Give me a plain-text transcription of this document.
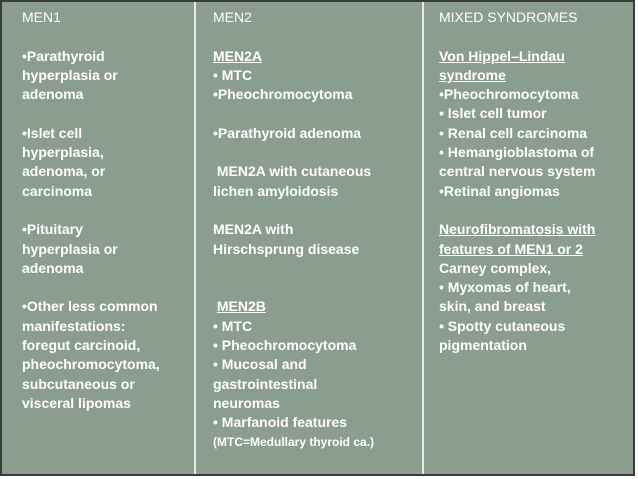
MEN1
•Parathyroid
hyperplasia or
adenoma
•Islet cell
hyperplasia,
adenoma, or
carcinoma
•Pituitary
hyperplasia or
adenoma
•Other less common
manifestations:
foregut carcinoid,
pheochromocytoma,
subcutaneous or
visceral lipomas
MEN2
MEN2A
• MTC
•Pheochromocytoma
•Parathyroid adenoma
MEN2A with cutaneous
lichen amyloidosis
MEN2A with
Hirschsprung disease
MEN2B
• MTC
• Pheochromocytoma
• Mucosal and
gastrointestinal
neuromas
• Marfanoid features
(MTC=Medullary thyroid ca.)
MIXED SYNDROMES
Von Hippel–Lindau
syndrome
•Pheochromocytoma
• Islet cell tumor
• Renal cell carcinoma
• Hemangioblastoma of
central nervous system
•Retinal angiomas
Neurofibromatosis with
features of MEN1 or 2
Carney complex,
• Myxomas of heart,
skin, and breast
• Spotty cutaneous
pigmentation
